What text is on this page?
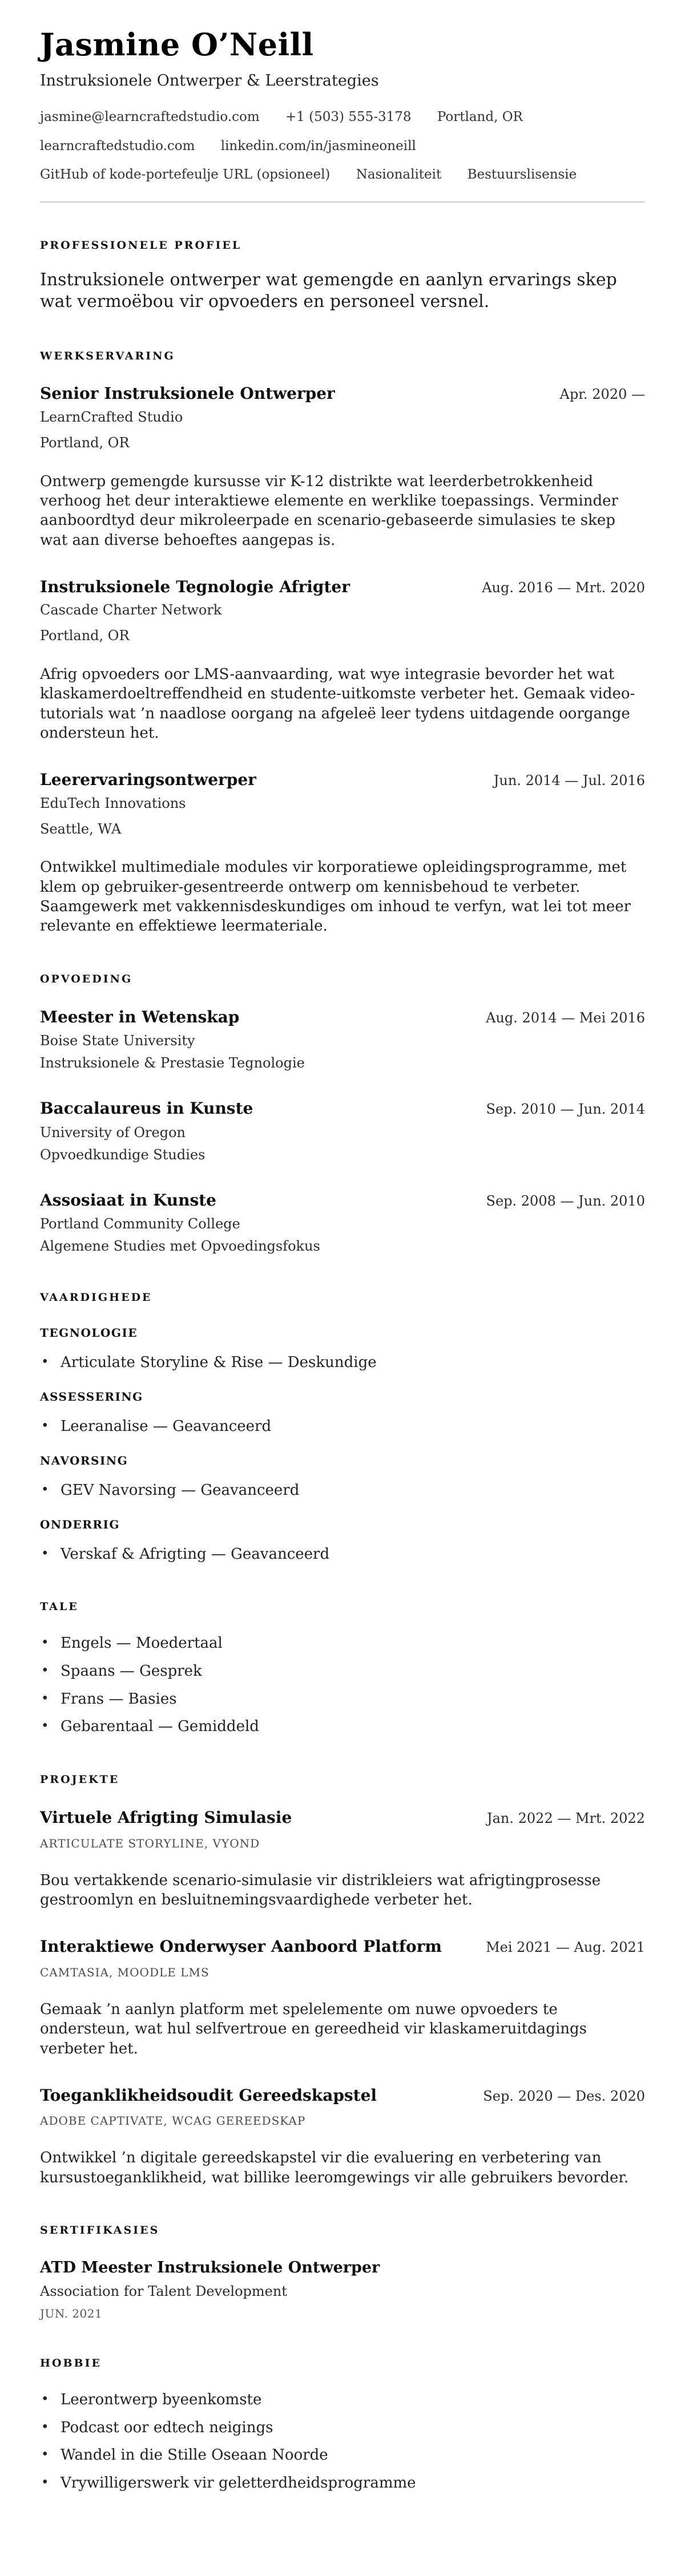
Jasmine O’Neill
Instruksionele Ontwerper & Leerstrategies
jasmine@learncraftedstudio.com +1 (503) 555-3178 Portland, OR
learncraftedstudio.com linkedin.com/in/jasmineoneill
GitHub of kode-portefeulje URL (opsioneel) Nasionaliteit Bestuurslisensie
PROFESSIONELE PROFIEL

Instruksionele ontwerper wat gemengde en aanlyn ervarings skep wat vermoëbou vir opvoeders en personeel versnel.

WERKSERVARING
Senior Instruksionele Ontwerper	Apr. 2020 —
LearnCrafted Studio
Portland, OR

Ontwerp gemengde kursusse vir K-12 distrikte wat leerderbetrokkenheid verhoog het deur interaktiewe elemente en werklike toepassings. Verminder aanboordtyd deur mikroleerpade en scenario-gebaseerde simulasies te skep wat aan diverse behoeftes aangepas is.

Instruksionele Tegnologie Afrigter	Aug. 2016 — Mrt. 2020
Cascade Charter Network
Portland, OR

Afrig opvoeders oor LMS-aanvaarding, wat wye integrasie bevorder het wat klaskamerdoeltreffendheid en studente-uitkomste verbeter het. Gemaak video-tutorials wat ’n naadlose oorgang na afgeleë leer tydens uitdagende oorgange ondersteun het.

Leerervaringsontwerper	Jun. 2014 — Jul. 2016
EduTech Innovations
Seattle, WA

Ontwikkel multimediale modules vir korporatiewe opleidingsprogramme, met klem op gebruiker-gesentreerde ontwerp om kennisbehoud te verbeter. Saamgewerk met vakkennisdeskundiges om inhoud te verfyn, wat lei tot meer relevante en effektiewe leermateriale.

OPVOEDING
Meester in Wetenskap	Aug. 2014 — Mei 2016
Boise State University
Instruksionele & Prestasie Tegnologie
Baccalaureus in Kunste	Sep. 2010 — Jun. 2014
University of Oregon
Opvoedkundige Studies
Assosiaat in Kunste	Sep. 2008 — Jun. 2010
Portland Community College
Algemene Studies met Opvoedingsfokus
VAARDIGHEDE
TEGNOLOGIE
• Articulate Storyline & Rise — Deskundige
ASSESSERING
• Leeranalise — Geavanceerd
NAVORSING
• GEV Navorsing — Geavanceerd
ONDERRIG
• Verskaf & Afrigting — Geavanceerd
TALE
• Engels — Moedertaal
• Spaans — Gesprek
• Frans — Basies
• Gebarentaal — Gemiddeld
PROJEKTE
Virtuele Afrigting Simulasie	Jan. 2022 — Mrt. 2022
ARTICULATE STORYLINE, VYOND

Bou vertakkende scenario-simulasie vir distrikleiers wat afrigtingprosesse gestroomlyn en besluitnemingsvaardighede verbeter het.

Interaktiewe Onderwyser Aanboord Platform	Mei 2021 — Aug. 2021
CAMTASIA, MOODLE LMS

Gemaak ’n aanlyn platform met spelelemente om nuwe opvoeders te ondersteun, wat hul selfvertroue en gereedheid vir klaskameruitdagings verbeter het.

Toeganklikheidsoudit Gereedskapstel	Sep. 2020 — Des. 2020
ADOBE CAPTIVATE, WCAG GEREEDSKAP

Ontwikkel ’n digitale gereedskapstel vir die evaluering en verbetering van kursustoeganklikheid, wat billike leeromgewings vir alle gebruikers bevorder.

SERTIFIKASIES
ATD Meester Instruksionele Ontwerper
Association for Talent Development
JUN. 2021
HOBBIE
• Leerontwerp byeenkomste
• Podcast oor edtech neigings
• Wandel in die Stille Oseaan Noorde
• Vrywilligerswerk vir geletterdheidsprogramme
